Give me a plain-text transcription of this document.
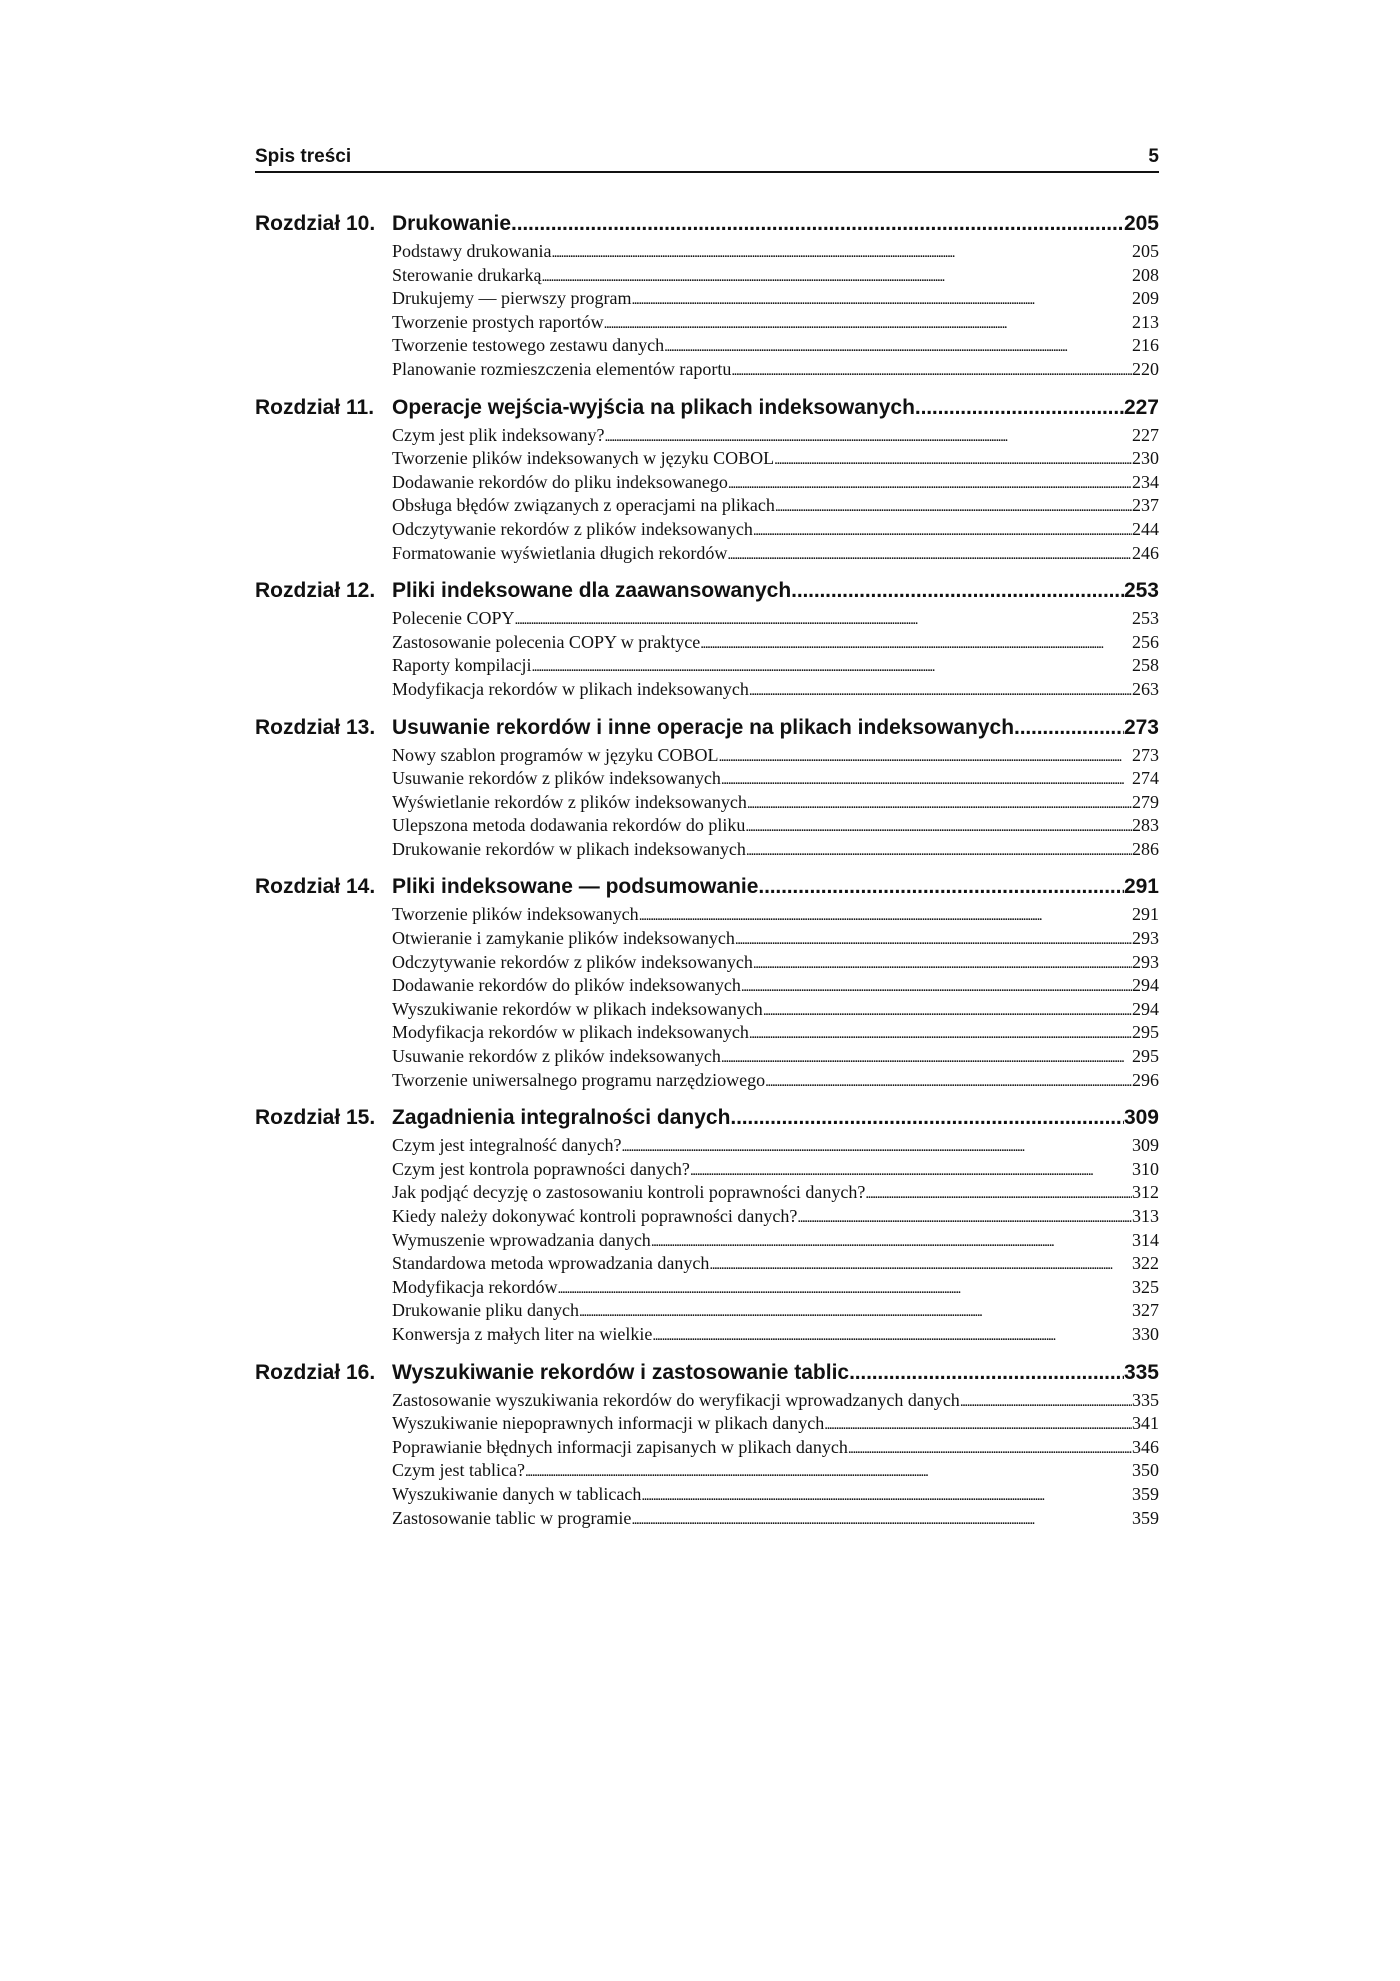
Spis treści	5
Rozdział 10. Drukowanie . . .	205
Podstawy drukowania . . .	205
Sterowanie drukarką . . .	208
Drukujemy — pierwszy program . . .	209
Tworzenie prostych raportów . . .	213
Tworzenie testowego zestawu danych . . .	216
Planowanie rozmieszczenia elementów raportu . . .	220
Rozdział 11. Operacje wejścia-wyjścia na plikach indeksowanych . . .	227
Czym jest plik indeksowany? . . .	227
Tworzenie plików indeksowanych w języku COBOL . . .	230
Dodawanie rekordów do pliku indeksowanego . . .	234
Obsługa błędów związanych z operacjami na plikach . . .	237
Odczytywanie rekordów z plików indeksowanych . . .	244
Formatowanie wyświetlania długich rekordów . . .	246
Rozdział 12. Pliki indeksowane dla zaawansowanych . . .	253
Polecenie COPY . . .	253
Zastosowanie polecenia COPY w praktyce . . .	256
Raporty kompilacji . . .	258
Modyfikacja rekordów w plikach indeksowanych . . .	263
Rozdział 13. Usuwanie rekordów i inne operacje na plikach indeksowanych . . .	273
Nowy szablon programów w języku COBOL . . .	273
Usuwanie rekordów z plików indeksowanych . . .	274
Wyświetlanie rekordów z plików indeksowanych . . .	279
Ulepszona metoda dodawania rekordów do pliku . . .	283
Drukowanie rekordów w plikach indeksowanych . . .	286
Rozdział 14. Pliki indeksowane — podsumowanie . . .	291
Tworzenie plików indeksowanych . . .	291
Otwieranie i zamykanie plików indeksowanych . . .	293
Odczytywanie rekordów z plików indeksowanych . . .	293
Dodawanie rekordów do plików indeksowanych . . .	294
Wyszukiwanie rekordów w plikach indeksowanych . . .	294
Modyfikacja rekordów w plikach indeksowanych . . .	295
Usuwanie rekordów z plików indeksowanych . . .	295
Tworzenie uniwersalnego programu narzędziowego . . .	296
Rozdział 15. Zagadnienia integralności danych . . .	309
Czym jest integralność danych? . . .	309
Czym jest kontrola poprawności danych? . . .	310
Jak podjąć decyzję o zastosowaniu kontroli poprawności danych? . . .	312
Kiedy należy dokonywać kontroli poprawności danych? . . .	313
Wymuszenie wprowadzania danych . . .	314
Standardowa metoda wprowadzania danych . . .	322
Modyfikacja rekordów . . .	325
Drukowanie pliku danych . . .	327
Konwersja z małych liter na wielkie . . .	330
Rozdział 16. Wyszukiwanie rekordów i zastosowanie tablic . . .	335
Zastosowanie wyszukiwania rekordów do weryfikacji wprowadzanych danych . . .	335
Wyszukiwanie niepoprawnych informacji w plikach danych . . .	341
Poprawianie błędnych informacji zapisanych w plikach danych . . .	346
Czym jest tablica? . . .	350
Wyszukiwanie danych w tablicach . . .	359
Zastosowanie tablic w programie . . .	359
